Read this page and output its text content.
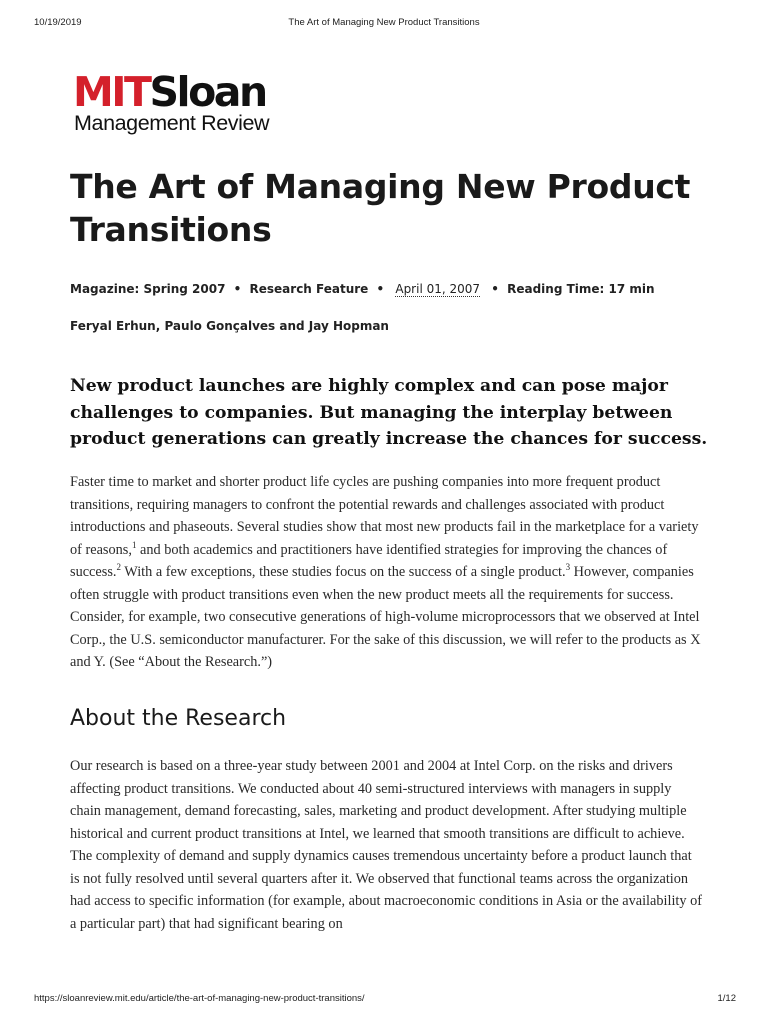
10/19/2019	The Art of Managing New Product Transitions
MITSloan
Management Review
The Art of Managing New Product Transitions
Magazine: Spring 2007 • Research Feature • April 01, 2007 • Reading Time: 17 min
Feryal Erhun, Paulo Gonçalves and Jay Hopman

New product launches are highly complex and can pose major challenges to companies. But managing the interplay between product generations can greatly increase the chances for success.

Faster time to market and shorter product life cycles are pushing companies into more frequent product transitions, requiring managers to confront the potential rewards and challenges associated with product introductions and phaseouts. Several studies show that most new products fail in the marketplace for a variety of reasons,$^1$ and both academics and practitioners have identified strategies for improving the chances of success.$^2$ With a few exceptions, these studies focus on the success of a single product.$^3$ However, companies often struggle with product transitions even when the new product meets all the requirements for success. Consider, for example, two consecutive generations of high-volume microprocessors that we observed at Intel Corp., the U.S. semiconductor manufacturer. For the sake of this discussion, we will refer to the products as X and Y. (See “About the Research.”)

About the Research

Our research is based on a three-year study between 2001 and 2004 at Intel Corp. on the risks and drivers affecting product transitions. We conducted about 40 semi-structured interviews with managers in supply chain management, demand forecasting, sales, marketing and product development. After studying multiple historical and current product transitions at Intel, we learned that smooth transitions are difficult to achieve. The complexity of demand and supply dynamics causes tremendous uncertainty before a product launch that is not fully resolved until several quarters after it. We observed that functional teams across the organization had access to specific information (for example, about macroeconomic conditions in Asia or the availability of a particular part) that had significant bearing on

https://sloanreview.mit.edu/article/the-art-of-managing-new-product-transitions/	1/12
